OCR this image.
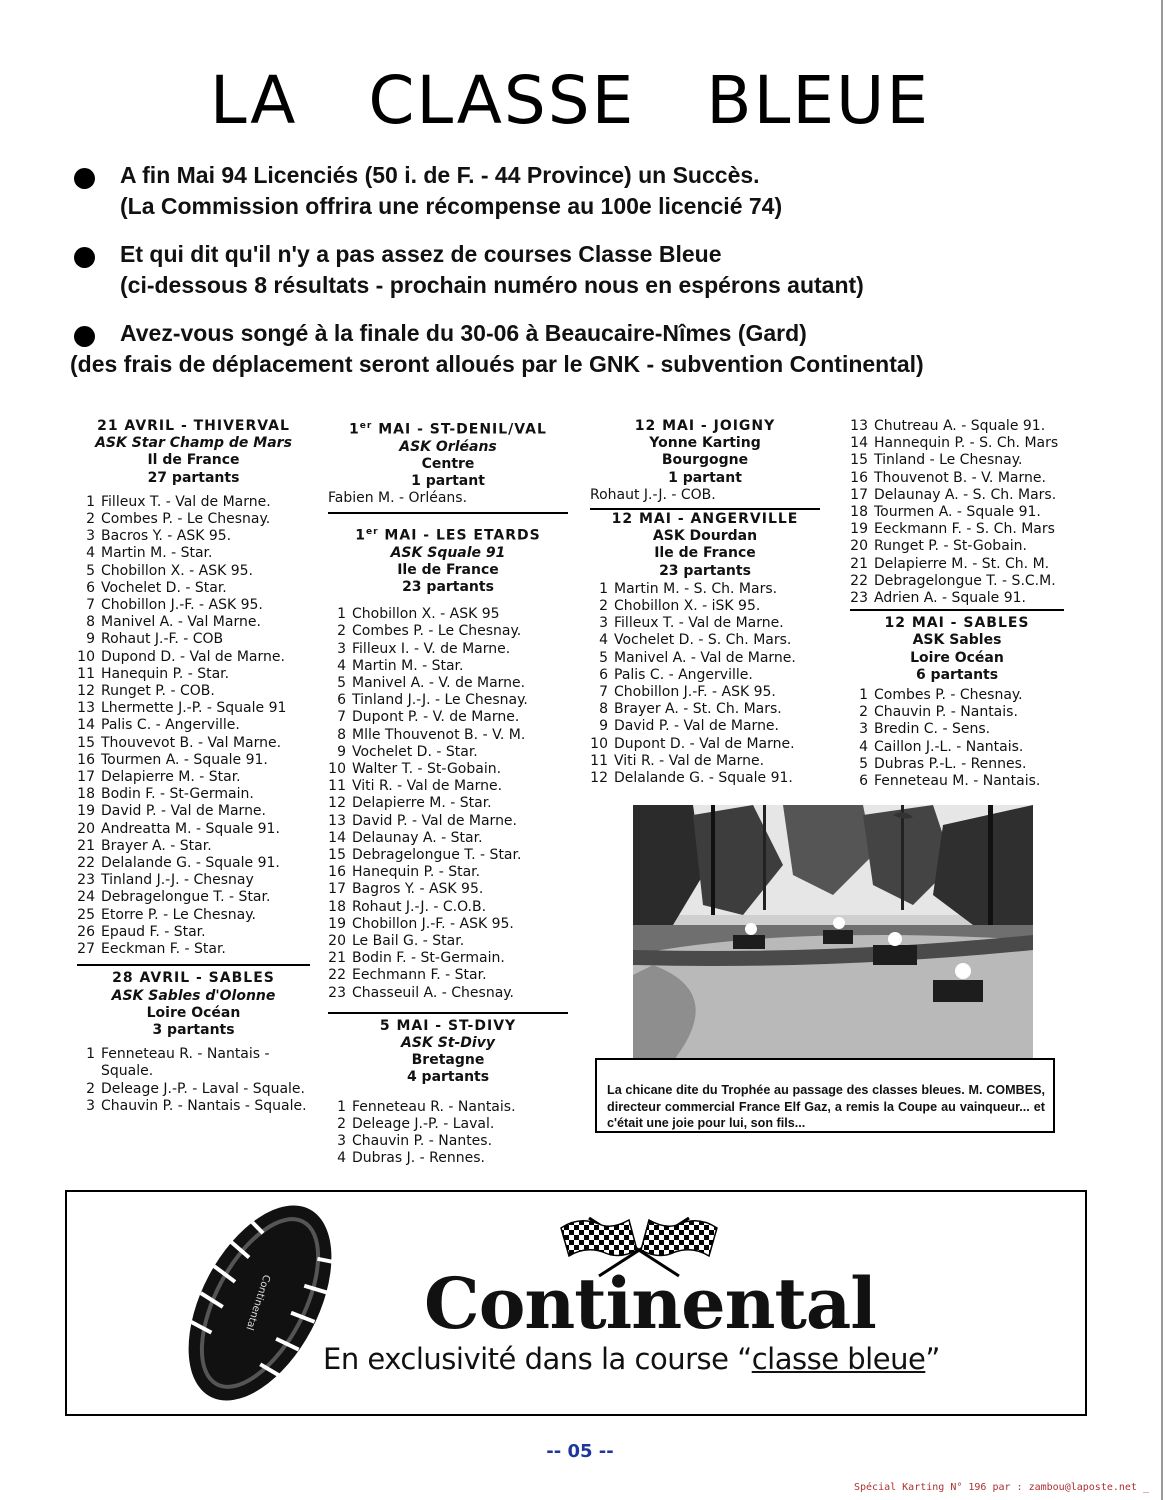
LA CLASSE BLEUE
A fin Mai 94 Licenciés (50 i. de F. - 44 Province) un Succès.
(La Commission offrira une récompense au 100e licencié 74)
Et qui dit qu'il n'y a pas assez de courses Classe Bleue
(ci-dessous 8 résultats - prochain numéro nous en espérons autant)
Avez-vous songé à la finale du 30-06 à Beaucaire-Nîmes (Gard)
(des frais de déplacement seront alloués par le GNK - subvention Continental)
21 AVRIL - THIVERVAL
ASK Star Champ de Mars
Il de France
27 partants
1 Filleux T. - Val de Marne.
2 Combes P. - Le Chesnay.
3 Bacros Y. - ASK 95.
4 Martin M. - Star.
5 Chobillon X. - ASK 95.
6 Vochelet D. - Star.
7 Chobillon J.-F. - ASK 95.
8 Manivel A. - Val Marne.
9 Rohaut J.-F. - COB
10 Dupond D. - Val de Marne.
11 Hanequin P. - Star.
12 Runget P. - COB.
13 Lhermette J.-P. - Squale 91
14 Palis C. - Angerville.
15 Thouvevot B. - Val Marne.
16 Tourmen A. - Squale 91.
17 Delapierre M. - Star.
18 Bodin F. - St-Germain.
19 David P. - Val de Marne.
20 Andreatta M. - Squale 91.
21 Brayer A. - Star.
22 Delalande G. - Squale 91.
23 Tinland J.-J. - Chesnay
24 Debragelongue T. - Star.
25 Etorre P. - Le Chesnay.
26 Epaud F. - Star.
27 Eeckman F. - Star.
28 AVRIL - SABLES
ASK Sables d'Olonne
Loire Océan
3 partants
1 Fenneteau R. - Nantais - Squale.
2 Deleage J.-P. - Laval - Squale.
3 Chauvin P. - Nantais - Squale.
1er MAI - ST-DENIL/VAL
ASK Orléans
Centre
1 partant
Fabien M. - Orléans.
1er MAI - LES ETARDS
ASK Squale 91
Ile de France
23 partants
1 Chobillon X. - ASK 95
2 Combes P. - Le Chesnay.
3 Filleux I. - V. de Marne.
4 Martin M. - Star.
5 Manivel A. - V. de Marne.
6 Tinland J.-J. - Le Chesnay.
7 Dupont P. - V. de Marne.
8 Mlle Thouvenot B. - V. M.
9 Vochelet D. - Star.
10 Walter T. - St-Gobain.
11 Viti R. - Val de Marne.
12 Delapierre M. - Star.
13 David P. - Val de Marne.
14 Delaunay A. - Star.
15 Debragelongue T. - Star.
16 Hanequin P. - Star.
17 Bagros Y. - ASK 95.
18 Rohaut J.-J. - C.O.B.
19 Chobillon J.-F. - ASK 95.
20 Le Bail G. - Star.
21 Bodin F. - St-Germain.
22 Eechmann F. - Star.
23 Chasseuil A. - Chesnay.
5 MAI - ST-DIVY
ASK St-Divy
Bretagne
4 partants
1 Fenneteau R. - Nantais.
2 Deleage J.-P. - Laval.
3 Chauvin P. - Nantes.
4 Dubras J. - Rennes.
12 MAI - JOIGNY
Yonne Karting
Bourgogne
1 partant
Rohaut J.-J. - COB.
12 MAI - ANGERVILLE
ASK Dourdan
Ile de France
23 partants
1 Martin M. - S. Ch. Mars.
2 Chobillon X. - iSK 95.
3 Filleux T. - Val de Marne.
4 Vochelet D. - S. Ch. Mars.
5 Manivel A. - Val de Marne.
6 Palis C. - Angerville.
7 Chobillon J.-F. - ASK 95.
8 Brayer A. - St. Ch. Mars.
9 David P. - Val de Marne.
10 Dupont D. - Val de Marne.
11 Viti R. - Val de Marne.
12 Delalande G. - Squale 91.
13 Chutreau A. - Squale 91.
14 Hannequin P. - S. Ch. Mars
15 Tinland - Le Chesnay.
16 Thouvenot B. - V. Marne.
17 Delaunay A. - S. Ch. Mars.
18 Tourmen A. - Squale 91.
19 Eeckmann F. - S. Ch. Mars
20 Runget P. - St-Gobain.
21 Delapierre M. - St. Ch. M.
22 Debragelongue T. - S.C.M.
23 Adrien A. - Squale 91.
12 MAI - SABLES
ASK Sables
Loire Océan
6 partants
1 Combes P. - Chesnay.
2 Chauvin P. - Nantais.
3 Bredin C. - Sens.
4 Caillon J.-L. - Nantais.
5 Dubras P.-L. - Rennes.
6 Fenneteau M. - Nantais.
La chicane dite du Trophée au passage des classes bleues. M. COMBES, directeur commercial France Elf Gaz, a remis la Coupe au vainqueur... et c'était une joie pour lui, son fils...
Continental Continental
En exclusivité dans la course “classe bleue”
-- 05 --
Spécial Karting N° 196 par : zambou@laposte.net _
